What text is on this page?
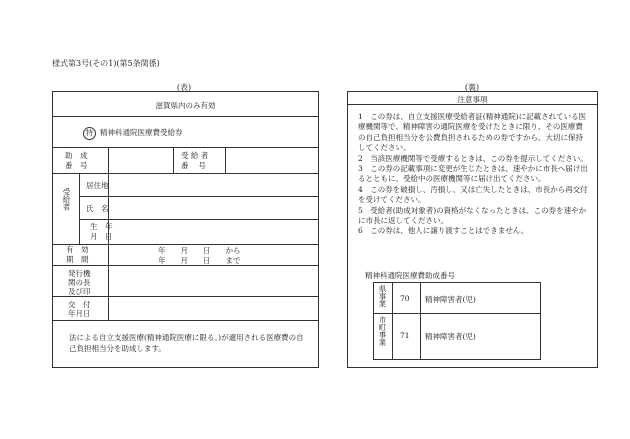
様式第3号(その1)(第5条関係)
(表)
滋賀県内のみ有効
特 精神科通院医療費受給券
助　成
番　号
受 給 者
番　 号
受給者
居住地
氏　名
生　年
月　日
有　効
期　間
年　　月　　日　　から
年　　月　　日　　まで
発行機
関の長
及び印
交　付
年月日
法による自立支援医療(精神通院医療に限る。)が適用される医療費の自己負担相当分を助成します。
(裏)
注意事項

1　この券は、自立支援医療受給者証(精神通院)に記載されている医療機関等で、精神障害の通院医療を受けたときに限り、その医療費の自己負担相当分を公費負担されるための券ですから、大切に保持してください。

2　当該医療機関等で受療するときは、この券を提示してください。

3　この券の記載事項に変更が生じたときは、速やかに市長へ届け出るとともに、受給中の医療機関等に届け出てください。

4　この券を破損し、汚損し、又は亡失したときは、市長から再交付を受けてください。

5　受給者(助成対象者)の資格がなくなったときは、この券を速やかに市長に返してください。

6　この券は、他人に譲り渡すことはできません。

精神科通院医療費助成番号
県事業 70 精神障害者(児)
市町事業 71 精神障害者(児)
